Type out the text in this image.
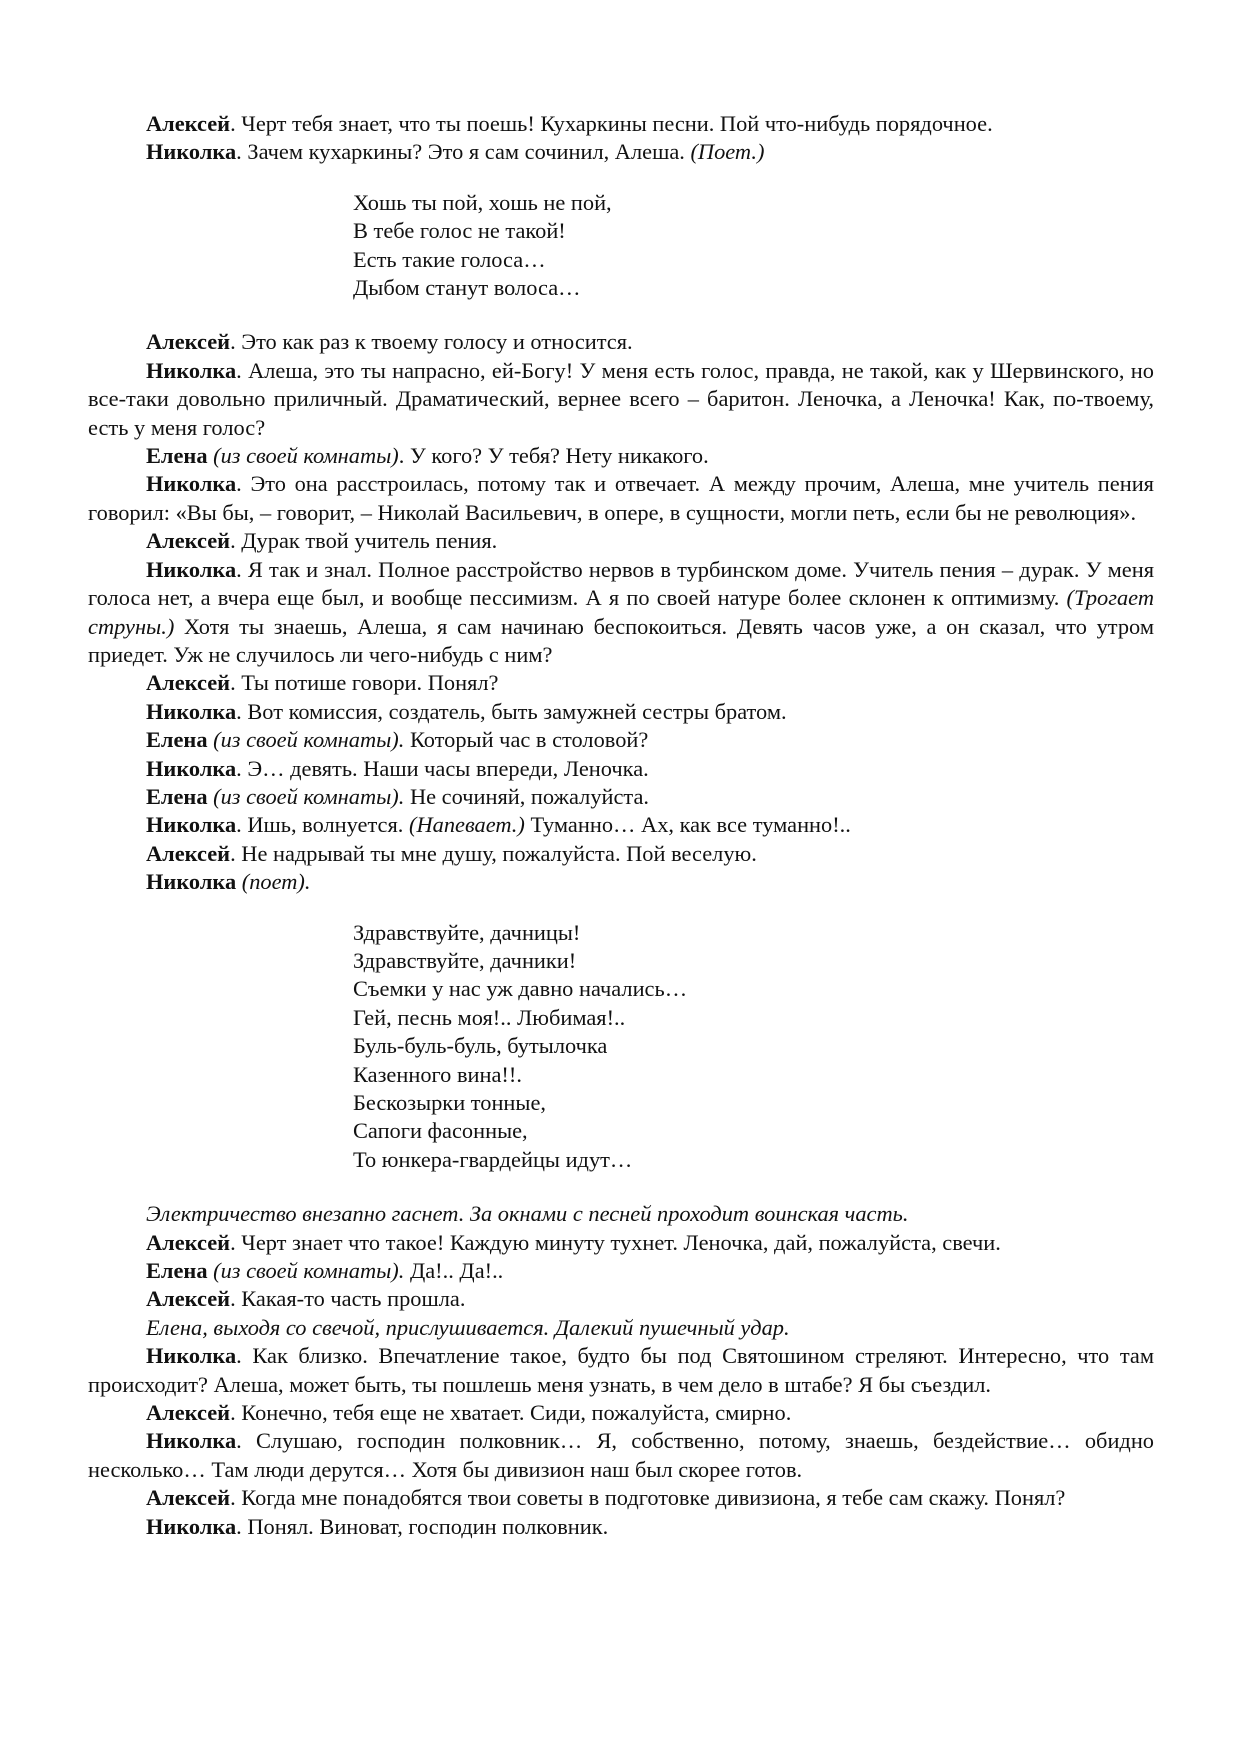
Алексей. Черт тебя знает, что ты поешь! Кухаркины песни. Пой что-нибудь порядочное.

Николка. Зачем кухаркины? Это я сам сочинил, Алеша. (Поет.)

Хошь ты пой, хошь не пой,

В тебе голос не такой!

Есть такие голоса…

Дыбом станут волоса…

Алексей. Это как раз к твоему голосу и относится.

Николка. Алеша, это ты напрасно, ей-Богу! У меня есть голос, правда, не такой, как у Шервинского, но все-таки довольно приличный. Драматический, вернее всего – баритон. Леночка, а Леночка! Как, по-твоему, есть у меня голос?

Елена (из своей комнаты). У кого? У тебя? Нету никакого.

Николка. Это она расстроилась, потому так и отвечает. А между прочим, Алеша, мне учитель пения говорил: «Вы бы, – говорит, – Николай Васильевич, в опере, в сущности, могли петь, если бы не революция».

Алексей. Дурак твой учитель пения.

Николка. Я так и знал. Полное расстройство нервов в турбинском доме. Учитель пения – дурак. У меня голоса нет, а вчера еще был, и вообще пессимизм. А я по своей натуре более склонен к оптимизму. (Трогает струны.) Хотя ты знаешь, Алеша, я сам начинаю беспокоиться. Девять часов уже, а он сказал, что утром приедет. Уж не случилось ли чего-нибудь с ним?

Алексей. Ты потише говори. Понял?

Николка. Вот комиссия, создатель, быть замужней сестры братом.

Елена (из своей комнаты). Который час в столовой?

Николка. Э… девять. Наши часы впереди, Леночка.

Елена (из своей комнаты). Не сочиняй, пожалуйста.

Николка. Ишь, волнуется. (Напевает.) Туманно… Ах, как все туманно!..

Алексей. Не надрывай ты мне душу, пожалуйста. Пой веселую.

Николка (поет).

Здравствуйте, дачницы!

Здравствуйте, дачники!

Съемки у нас уж давно начались…

Гей, песнь моя!.. Любимая!..

Буль-буль-буль, бутылочка

Казенного вина!!.

Бескозырки тонные,

Сапоги фасонные,

То юнкера-гвардейцы идут…

Электричество внезапно гаснет. За окнами с песней проходит воинская часть.

Алексей. Черт знает что такое! Каждую минуту тухнет. Леночка, дай, пожалуйста, свечи.

Елена (из своей комнаты). Да!.. Да!..

Алексей. Какая-то часть прошла.

Елена, выходя со свечой, прислушивается. Далекий пушечный удар.

Николка. Как близко. Впечатление такое, будто бы под Святошином стреляют. Интересно, что там происходит? Алеша, может быть, ты пошлешь меня узнать, в чем дело в штабе? Я бы съездил.

Алексей. Конечно, тебя еще не хватает. Сиди, пожалуйста, смирно.

Николка. Слушаю, господин полковник… Я, собственно, потому, знаешь, бездействие… обидно несколько… Там люди дерутся… Хотя бы дивизион наш был скорее готов.

Алексей. Когда мне понадобятся твои советы в подготовке дивизиона, я тебе сам скажу. Понял?

Николка. Понял. Виноват, господин полковник.
